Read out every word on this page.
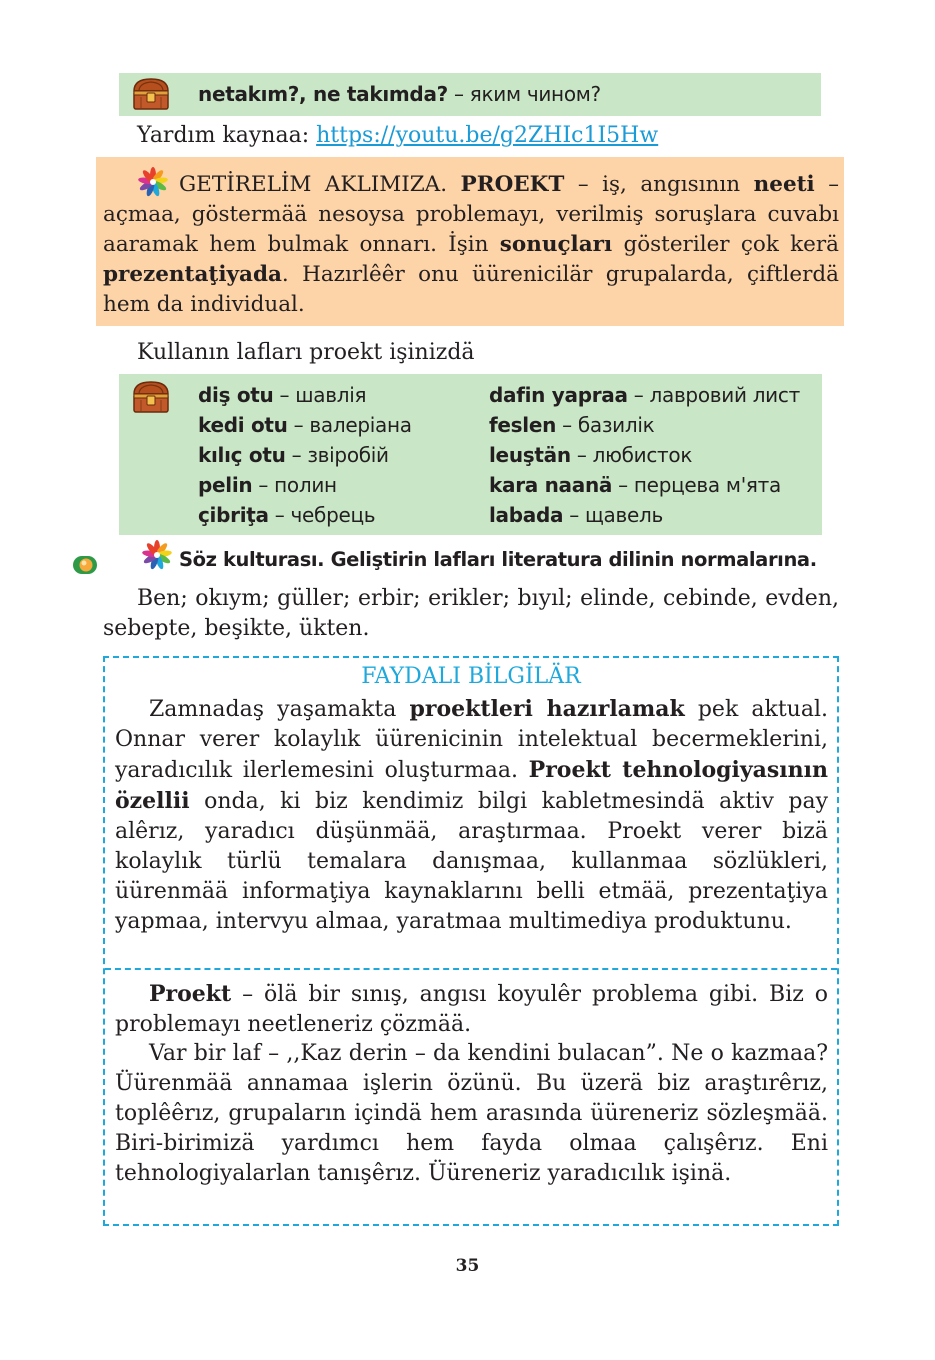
netakım?, ne takımda? – яким чином?
Yardım kaynaa: https://youtu.be/g2ZHIc1I5Hw
GETİRELİM AKLIMIZA. PROEKT – iş, angısının neeti – açmaa, göstermää nesoysa problemayı, verilmiş soruşlara cuvabı aaramak hem bulmak onnarı. İşin sonuçları gösteriler çok kerä prezentaţiyada. Hazırlêêr onu üürenicilär grupalarda, çiftlerdä hem da individual.
Kullanın lafları proekt işinizdä
diş otu – шавлія
kedi otu – валеріана
kılıç otu – звіробій
pelin – полин
çibriţa – чебрець
dafin yapraa – лавровий лист
feslen – базилік
leuştän – любисток
kara naanä – перцева м'ята
labada – щавель
Söz kulturası. Geliştirin lafları literatura dilinin normalarına.
Ben; okıym; güller; erbir; erikler; bıyıl; elinde, cebinde, evden, sebepte, beşikte, ükten.
FAYDALI BİLGİLÄR
Zamnadaş yaşamakta proektleri hazırlamak pek aktual. Onnar verer kolaylık üürenicinin intelektual becermeklerini, yaradıcılık ilerlemesini oluşturmaa. Proekt tehnologiyasının özellii onda, ki biz kendimiz bilgi kabletmesindä aktiv pay alêrız, yaradıcı düşünmää, araştırmaa. Proekt verer bizä kolaylık türlü temalara danışmaa, kullanmaa sözlükleri, üürenmää informaţiya kaynaklarını belli etmää, prezentaţiya yapmaa, intervyu almaa, yaratmaa multimediya produktunu.
Proekt – ölä bir sınış, angısı koyulêr problema gibi. Biz o problemayı neetleneriz çözmää.
Var bir laf – ,,Kaz derin – da kendini bulacan”. Ne o kazmaa? Üürenmää annamaa işlerin özünü. Bu üzerä biz araştırêrız, toplêêrız, grupaların içindä hem arasında üüreneriz sözleşmää. Biri-birimizä yardımcı hem fayda olmaa çalışêrız. Eni tehnologiyalarlan tanışêrız. Üüreneriz yaradıcılık işinä.
35
